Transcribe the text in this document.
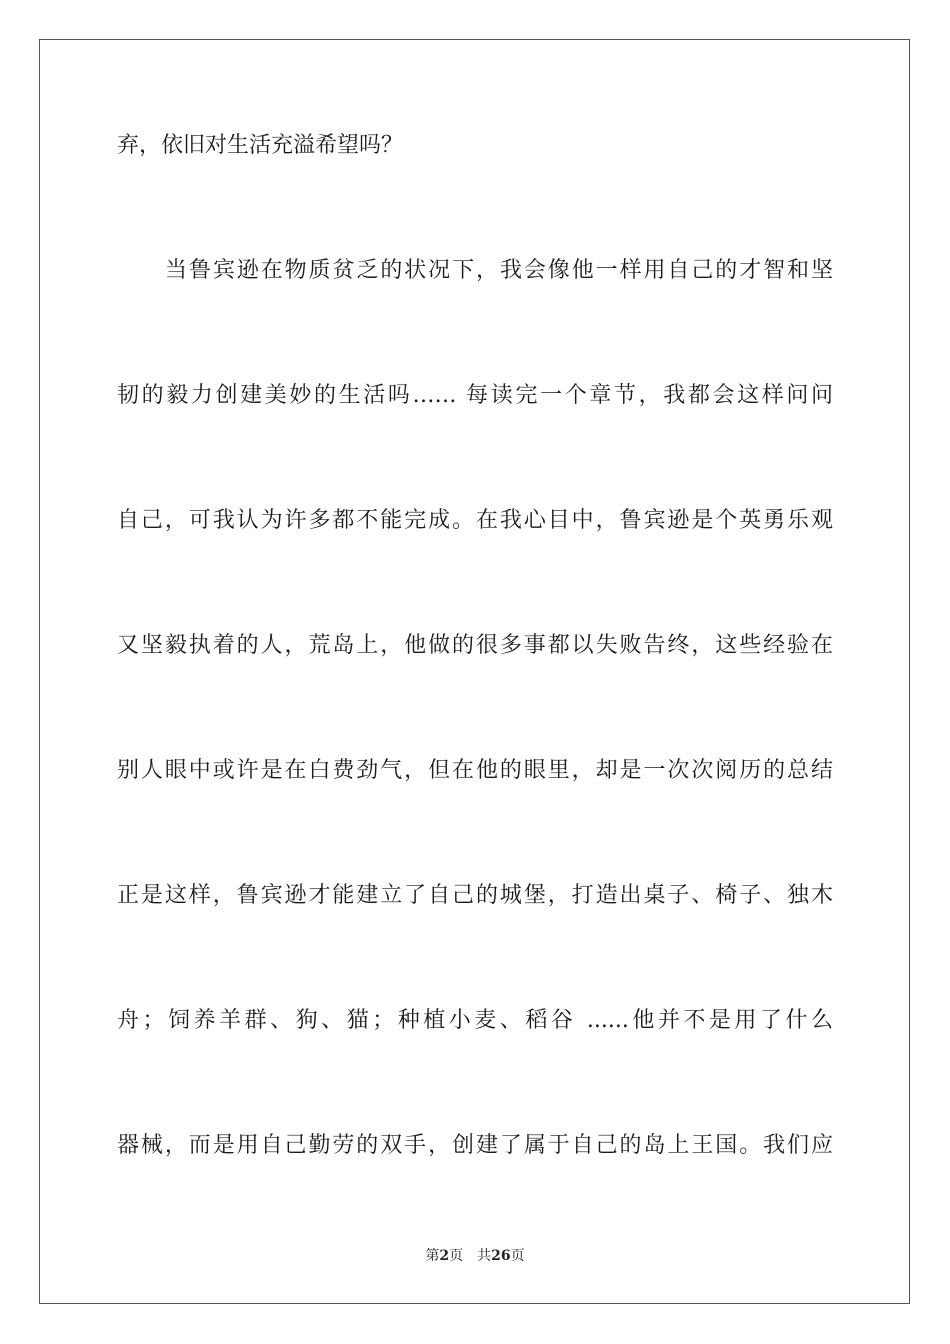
弃，依旧对生活充溢希望吗？
当鲁宾逊在物质贫乏的状况下，我会像他一样用自己的才智和坚
韧的毅力创建美妙的生活吗…… 每读完一个章节，我都会这样问问
自己，可我认为许多都不能完成。在我心目中，鲁宾逊是个英勇乐观
又坚毅执着的人，荒岛上，他做的很多事都以失败告终，这些经验在
别人眼中或许是在白费劲气，但在他的眼里，却是一次次阅历的总结
正是这样，鲁宾逊才能建立了自己的城堡，打造出桌子、椅子、独木
舟；饲养羊群、狗、猫；种植小麦、稻谷 ......他并不是用了什么
器械，而是用自己勤劳的双手，创建了属于自己的岛上王国。我们应
第2页 共26页
